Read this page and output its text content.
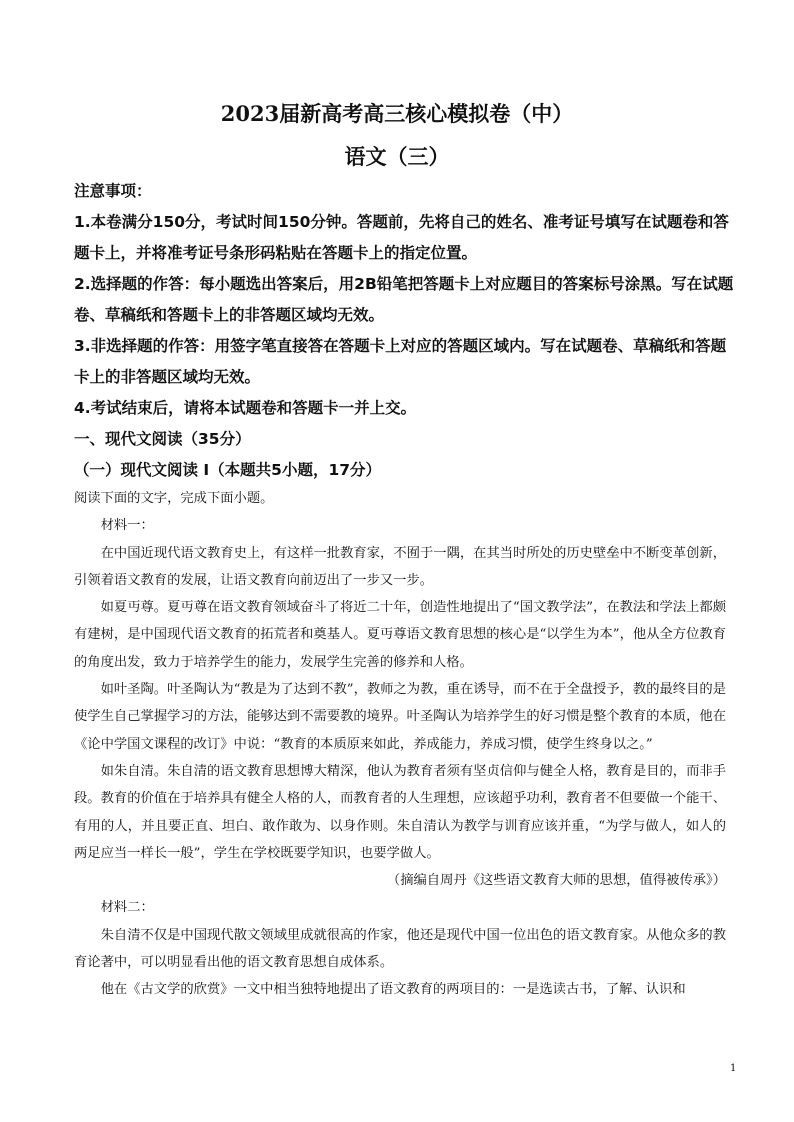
2023届新高考高三核心模拟卷（中）
语文（三）
注意事项：
1.本卷满分150分，考试时间150分钟。答题前，先将自己的姓名、准考证号填写在试题卷和答题卡上，并将准考证号条形码粘贴在答题卡上的指定位置。
2.选择题的作答：每小题选出答案后，用2B铅笔把答题卡上对应题目的答案标号涂黑。写在试题卷、草稿纸和答题卡上的非答题区域均无效。
3.非选择题的作答：用签字笔直接答在答题卡上对应的答题区域内。写在试题卷、草稿纸和答题卡上的非答题区域均无效。
4.考试结束后，请将本试题卷和答题卡一并上交。
一、现代文阅读（35分）
（一）现代文阅读 I（本题共5小题，17分）

阅读下面的文字，完成下面小题。

材料一：

在中国近现代语文教育史上，有这样一批教育家，不囿于一隅，在其当时所处的历史壁垒中不断变革创新，引领着语文教育的发展，让语文教育向前迈出了一步又一步。

如夏丏尊。夏丏尊在语文教育领域奋斗了将近二十年，创造性地提出了“国文教学法”，在教法和学法上都颇有建树，是中国现代语文教育的拓荒者和奠基人。夏丏尊语文教育思想的核心是“以学生为本”，他从全方位教育的角度出发，致力于培养学生的能力，发展学生完善的修养和人格。

如叶圣陶。叶圣陶认为“教是为了达到不教”，教师之为教，重在诱导，而不在于全盘授予，教的最终目的是使学生自己掌握学习的方法，能够达到不需要教的境界。叶圣陶认为培养学生的好习惯是整个教育的本质，他在《论中学国文课程的改订》中说：“教育的本质原来如此，养成能力，养成习惯，使学生终身以之。”

如朱自清。朱自清的语文教育思想博大精深，他认为教育者须有坚贞信仰与健全人格，教育是目的，而非手段。教育的价值在于培养具有健全人格的人，而教育者的人生理想，应该超乎功利，教育者不但要做一个能干、有用的人，并且要正直、坦白、敢作敢为、以身作则。朱自清认为教学与训育应该并重，“为学与做人，如人的两足应当一样长一般”，学生在学校既要学知识，也要学做人。

（摘编自周丹《这些语文教育大师的思想，值得被传承》）

材料二：

朱自清不仅是中国现代散文领域里成就很高的作家，他还是现代中国一位出色的语文教育家。从他众多的教育论著中，可以明显看出他的语文教育思想自成体系。

他在《古文学的欣赏》一文中相当独特地提出了语文教育的两项目的：一是选读古书，了解、认识和

1
